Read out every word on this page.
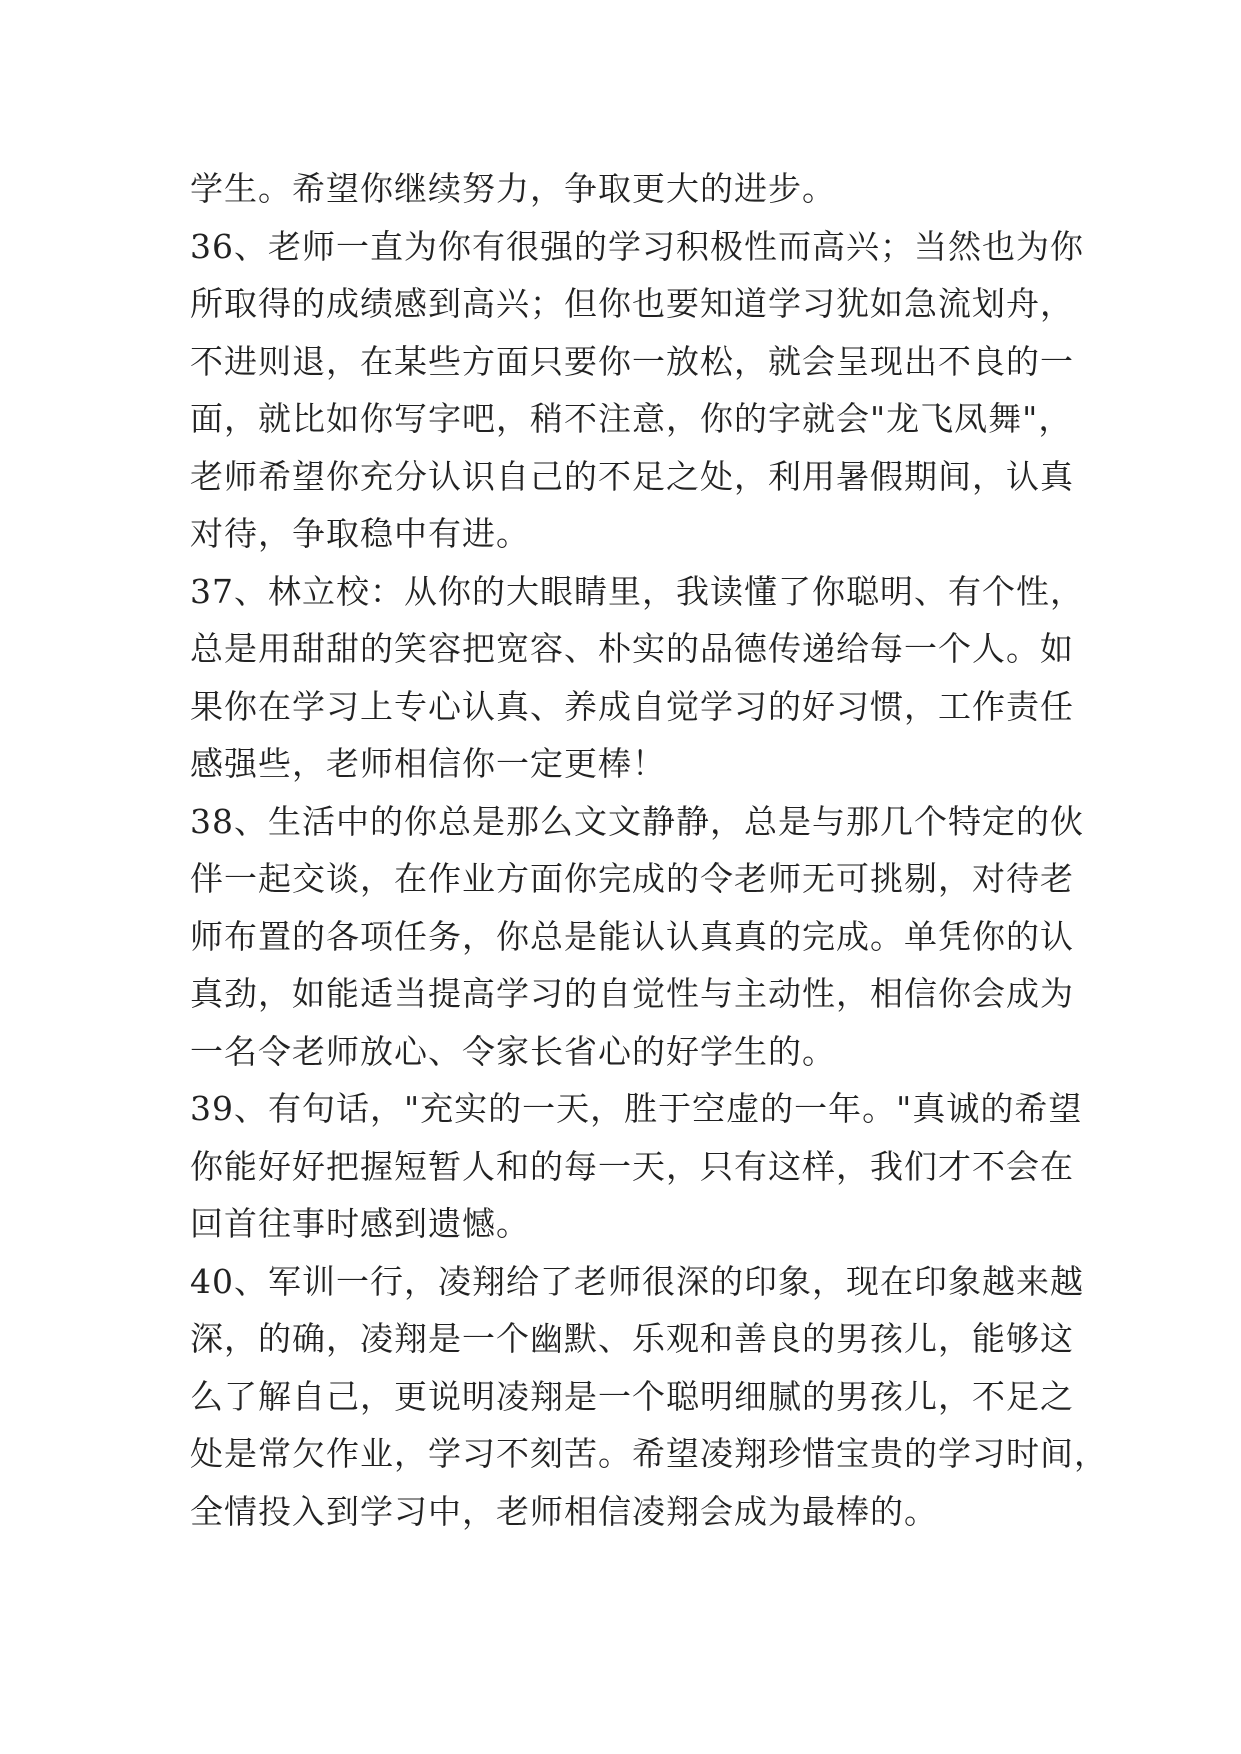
学生。希望你继续努力，争取更大的进步。
36、老师一直为你有很强的学习积极性而高兴；当然也为你
所取得的成绩感到高兴；但你也要知道学习犹如急流划舟，
不进则退，在某些方面只要你一放松，就会呈现出不良的一
面，就比如你写字吧，稍不注意，你的字就会"龙飞凤舞"，
老师希望你充分认识自己的不足之处，利用暑假期间，认真
对待，争取稳中有进。
37、林立校：从你的大眼睛里，我读懂了你聪明、有个性，
总是用甜甜的笑容把宽容、朴实的品德传递给每一个人。如
果你在学习上专心认真、养成自觉学习的好习惯，工作责任
感强些，老师相信你一定更棒！
38、生活中的你总是那么文文静静，总是与那几个特定的伙
伴一起交谈，在作业方面你完成的令老师无可挑剔，对待老
师布置的各项任务，你总是能认认真真的完成。单凭你的认
真劲，如能适当提高学习的自觉性与主动性，相信你会成为
一名令老师放心、令家长省心的好学生的。
39、有句话，"充实的一天，胜于空虚的一年。"真诚的希望
你能好好把握短暂人和的每一天，只有这样，我们才不会在
回首往事时感到遗憾。
40、军训一行，凌翔给了老师很深的印象，现在印象越来越
深，的确，凌翔是一个幽默、乐观和善良的男孩儿，能够这
么了解自己，更说明凌翔是一个聪明细腻的男孩儿，不足之
处是常欠作业，学习不刻苦。希望凌翔珍惜宝贵的学习时间，
全情投入到学习中，老师相信凌翔会成为最棒的。
